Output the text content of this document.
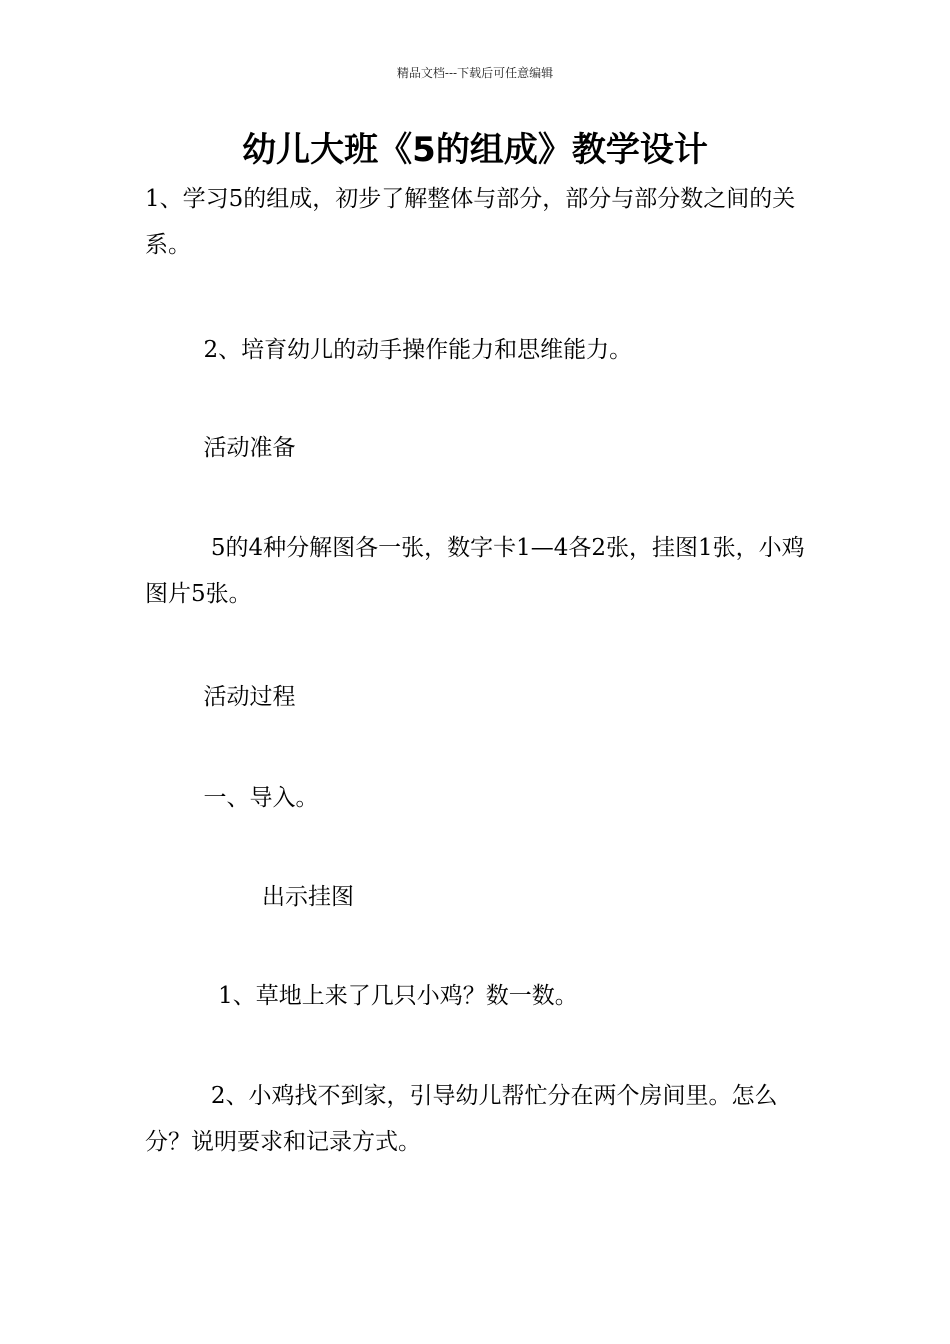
精品文档---下载后可任意编辑
幼儿大班《5的组成》教学设计
1、学习5的组成，初步了解整体与部分，部分与部分数之间的关系。
2、培育幼儿的动手操作能力和思维能力。
活动准备
5的4种分解图各一张，数字卡1—4各2张，挂图1张，小鸡图片5张。
活动过程
一、导入。
出示挂图
1、草地上来了几只小鸡？数一数。
2、小鸡找不到家，引导幼儿帮忙分在两个房间里。怎么分？说明要求和记录方式。
